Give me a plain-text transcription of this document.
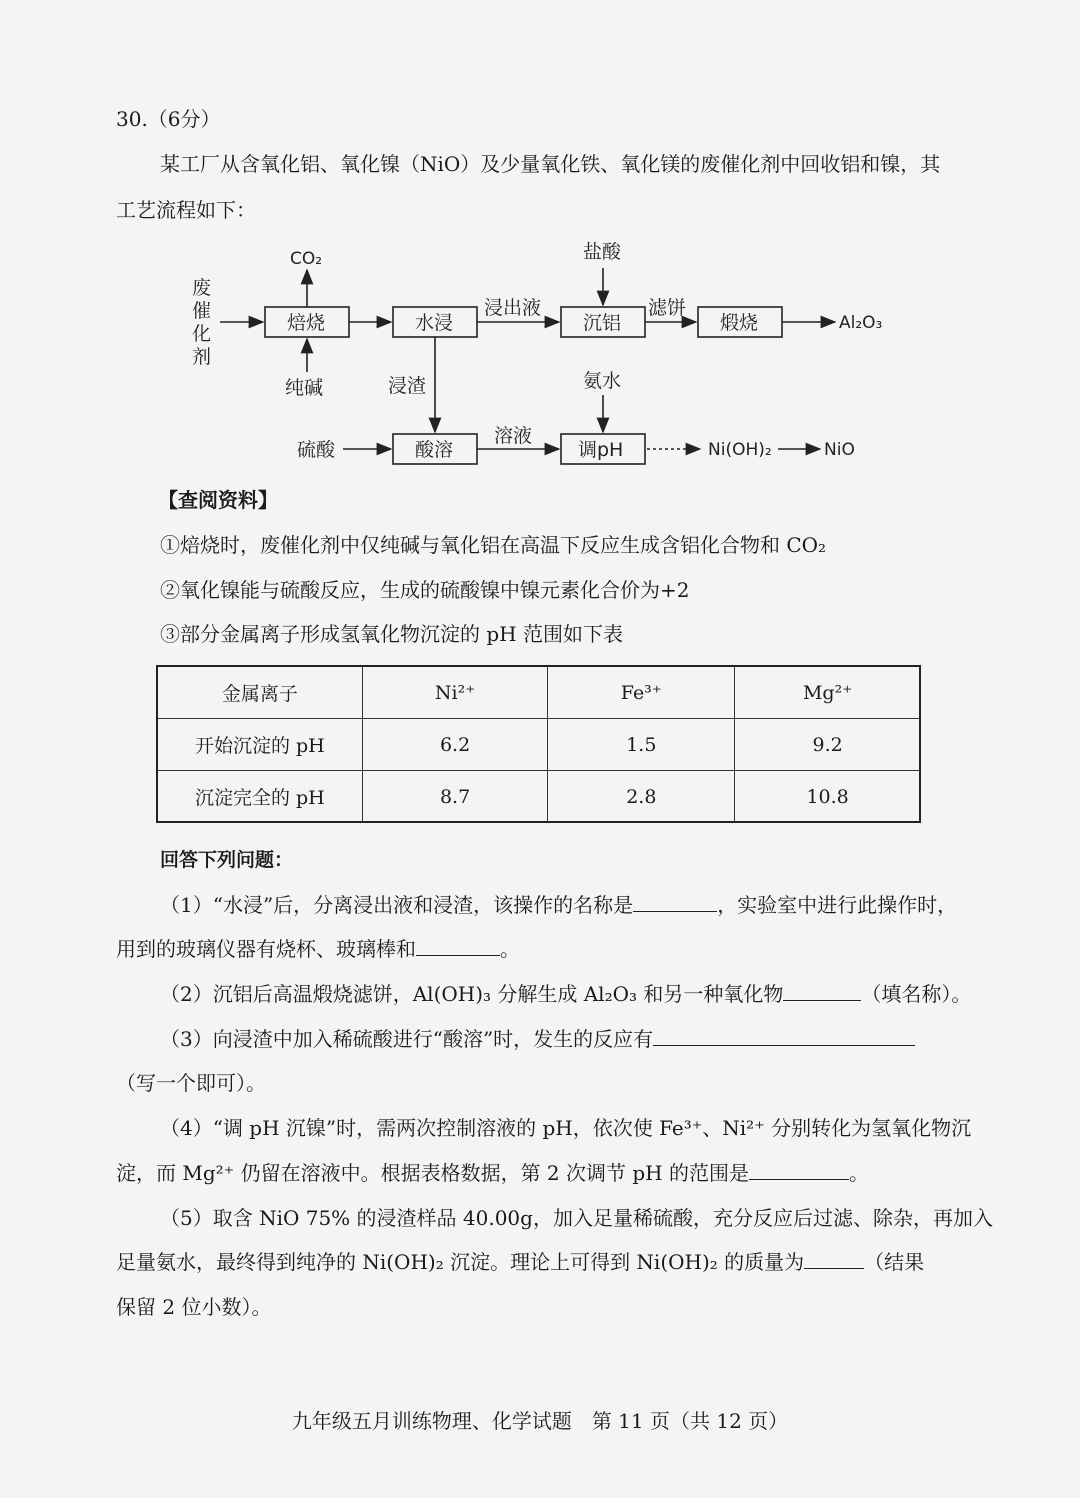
30.（6分）
某工厂从含氧化铝、氧化镍（NiO）及少量氧化铁、氧化镁的废催化剂中回收铝和镍，其
工艺流程如下：
废
催
化
剂
CO₂
焙烧
纯碱
水浸
浸出液
盐酸
沉铝
滤饼
煅烧	Al₂O₃
浸渣	氨水
硫酸	酸溶
溶液
调pH	Ni(OH)₂	NiO
【查阅资料】
①焙烧时，废催化剂中仅纯碱与氧化铝在高温下反应生成含铝化合物和 CO₂
②氧化镍能与硫酸反应，生成的硫酸镍中镍元素化合价为+2
③部分金属离子形成氢氧化物沉淀的 pH 范围如下表
金属离子	Ni²⁺	Fe³⁺	Mg²⁺
开始沉淀的 pH	6.2	1.5	9.2
沉淀完全的 pH	8.7	2.8	10.8
回答下列问题：
（1）“水浸”后，分离浸出液和浸渣，该操作的名称是	，实验室中进行此操作时，
用到的玻璃仪器有烧杯、玻璃棒和	。
（2）沉铝后高温煅烧滤饼，Al(OH)₃ 分解生成 Al₂O₃ 和另一种氧化物	（填名称）。
（3）向浸渣中加入稀硫酸进行“酸溶”时，发生的反应有
（写一个即可）。
（4）“调 pH 沉镍”时，需两次控制溶液的 pH，依次使 Fe³⁺、Ni²⁺ 分别转化为氢氧化物沉
淀，而 Mg²⁺ 仍留在溶液中。根据表格数据，第 2 次调节 pH 的范围是	。
（5）取含 NiO 75% 的浸渣样品 40.00g，加入足量稀硫酸，充分反应后过滤、除杂，再加入
足量氨水，最终得到纯净的 Ni(OH)₂ 沉淀。理论上可得到 Ni(OH)₂ 的质量为	（结果
保留 2 位小数）。
九年级五月训练物理、化学试题　第 11 页（共 12 页）
